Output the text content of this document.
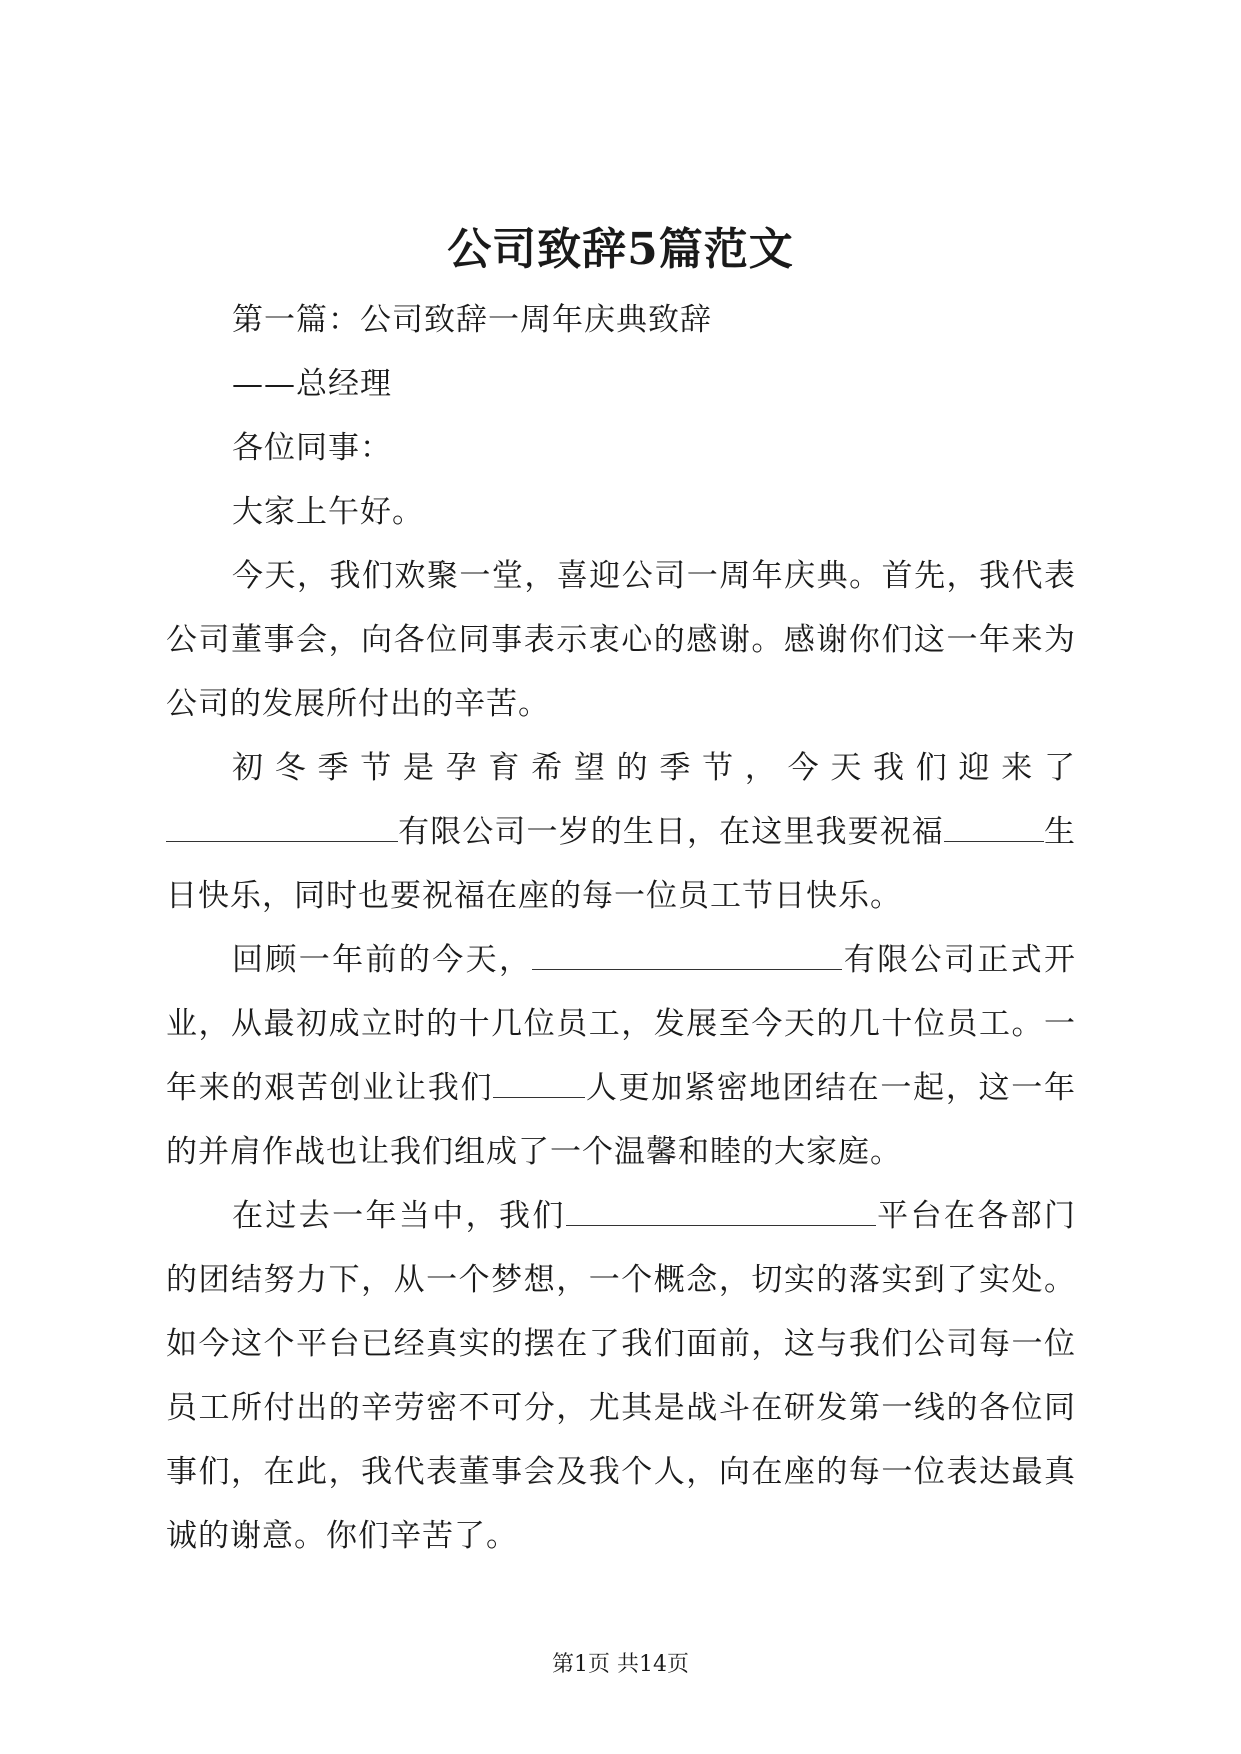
公司致辞5篇范文

第一篇：公司致辞一周年庆典致辞

——总经理

各位同事：

大家上午好。

今天，我们欢聚一堂，喜迎公司一周年庆典。首先，我代表公司董事会，向各位同事表示衷心的感谢。感谢你们这一年来为公司的发展所付出的辛苦。

初冬季节是孕育希望的季节，今天我们迎来了有限公司一岁的生日，在这里我要祝福	生日快乐，同时也要祝福在座的每一位员工节日快乐。

回顾一年前的今天，	有限公司正式开业，从最初成立时的十几位员工，发展至今天的几十位员工。一年来的艰苦创业让我们	人更加紧密地团结在一起，这一年的并肩作战也让我们组成了一个温馨和睦的大家庭。

在过去一年当中，我们	平台在各部门的团结努力下，从一个梦想，一个概念，切实的落实到了实处。如今这个平台已经真实的摆在了我们面前，这与我们公司每一位员工所付出的辛劳密不可分，尤其是战斗在研发第一线的各位同事们，在此，我代表董事会及我个人，向在座的每一位表达最真诚的谢意。你们辛苦了。

第1页 共14页
